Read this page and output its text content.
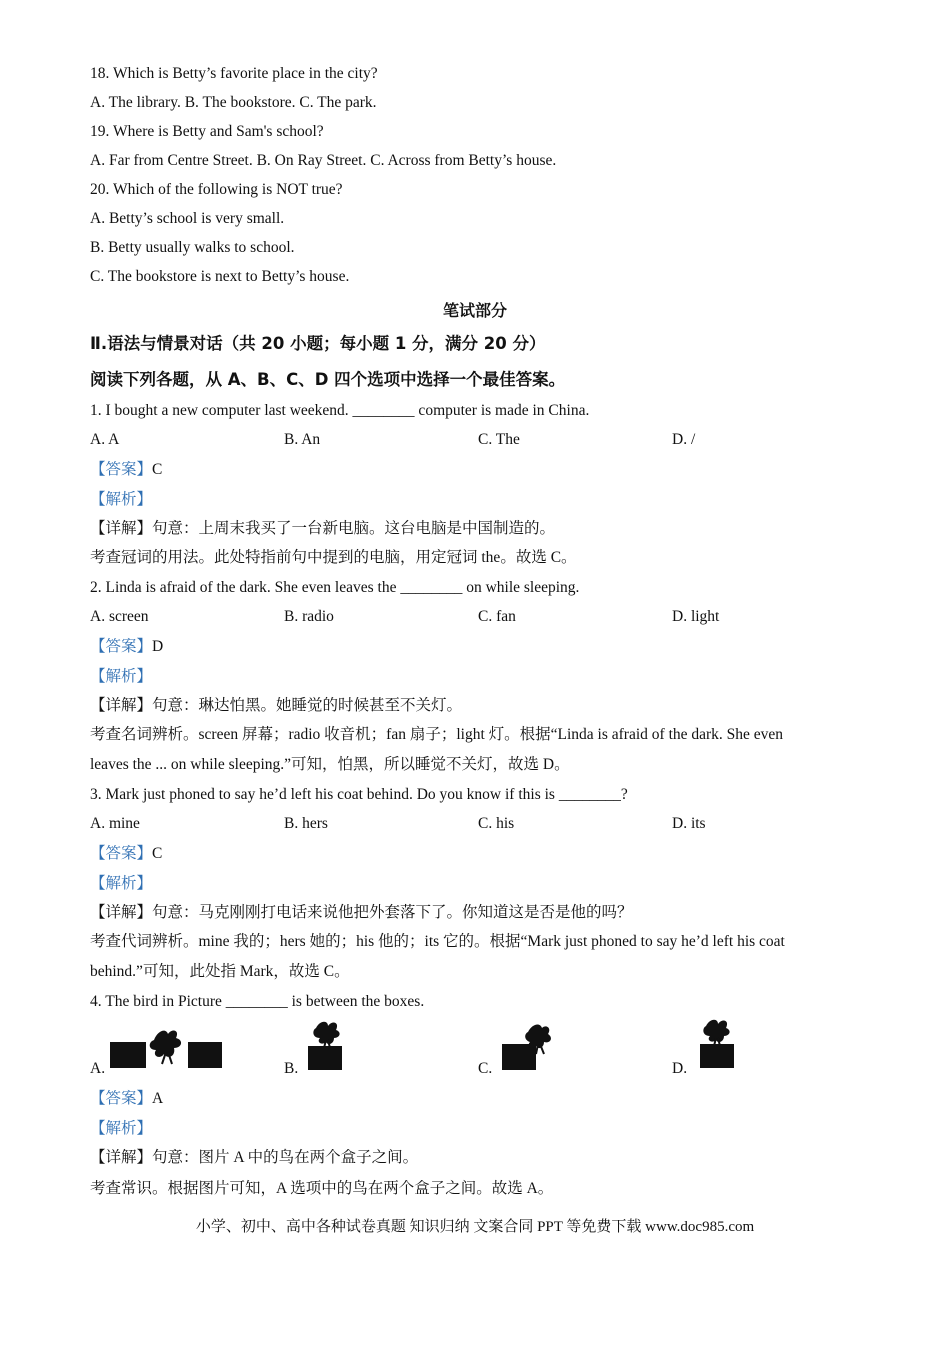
18. Which is Betty’s favorite place in the city?
A. The library. B. The bookstore. C. The park.
19. Where is Betty and Sam's school?
A. Far from Centre Street. B. On Ray Street. C. Across from Betty’s house.
20. Which of the following is NOT true?
A. Betty’s school is very small.
B. Betty usually walks to school.
C. The bookstore is next to Betty’s house.
笔试部分
Ⅱ.语法与情景对话（共 20 小题；每小题 1 分，满分 20 分）
阅读下列各题，从 A、B、C、D 四个选项中选择一个最佳答案。
1. I bought a new computer last weekend. ________ computer is made in China.
A. A	B. An	C. The	D. /
【答案】C
【解析】
【详解】句意：上周末我买了一台新电脑。这台电脑是中国制造的。
考查冠词的用法。此处特指前句中提到的电脑，用定冠词 the。故选 C。
2. Linda is afraid of the dark. She even leaves the ________ on while sleeping.
A. screen	B. radio	C. fan	D. light
【答案】D
【解析】
【详解】句意：琳达怕黑。她睡觉的时候甚至不关灯。
考查名词辨析。screen 屏幕；radio 收音机；fan 扇子；light 灯。根据“Linda is afraid of the dark. She even
leaves the ... on while sleeping.”可知，怕黑，所以睡觉不关灯，故选 D。
3. Mark just phoned to say he’d left his coat behind. Do you know if this is ________?
A. mine	B. hers	C. his	D. its
【答案】C
【解析】
【详解】句意：马克刚刚打电话来说他把外套落下了。你知道这是否是他的吗？
考查代词辨析。mine 我的；hers 她的；his 他的；its 它的。根据“Mark just phoned to say he’d left his coat
behind.”可知，此处指 Mark，故选 C。
4. The bird in Picture ________ is between the boxes.
A.	B.	C.	D.
【答案】A
【解析】
【详解】句意：图片 A 中的鸟在两个盒子之间。
考查常识。根据图片可知，A 选项中的鸟在两个盒子之间。故选 A。
小学、初中、高中各种试卷真题 知识归纳 文案合同 PPT 等免费下载 www.doc985.com
